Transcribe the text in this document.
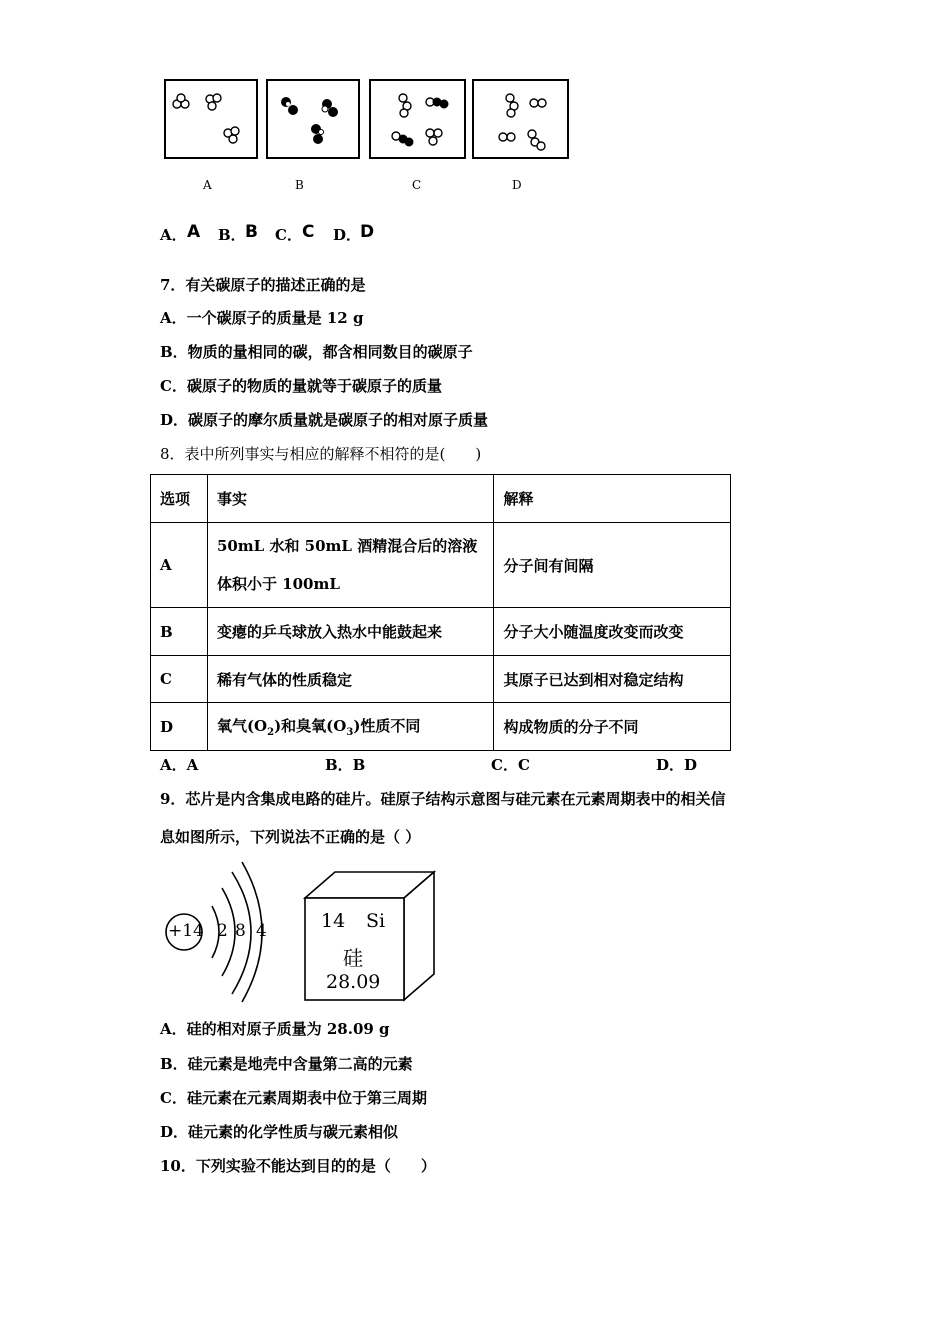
A	B	C	D
A． A B． B C． C D．
D
7．有关碳原子的描述正确的是
A．一个碳原子的质量是 12 g
B．物质的量相同的碳，都含相同数目的碳原子
C．碳原子的物质的量就等于碳原子的质量
D．碳原子的摩尔质量就是碳原子的相对原子质量
8．表中所列事实与相应的解释不相符的是(　　)
选项	事实	解释
A	50mL 水和 50mL 酒精混合后的溶液
体积小于 100mL	分子间有间隔
B	变瘪的乒乓球放入热水中能鼓起来	分子大小随温度改变而改变
C	稀有气体的性质稳定	其原子已达到相对稳定结构
D	氧气$(O_2)$和臭氧$(O_3)$性质不同	构成物质的分子不同
A．A	B．B	C．C	D．D
9．芯片是内含集成电路的硅片。硅原子结构示意图与硅元素在元素周期表中的相关信
息如图所示，下列说法不正确的是（ ）
+14 2 8 4	14 Si
硅
28.09
A．硅的相对原子质量为 28.09 g
B．硅元素是地壳中含量第二高的元素
C．硅元素在元素周期表中位于第三周期
D．硅元素的化学性质与碳元素相似
10．下列实验不能达到目的的是（　　）
